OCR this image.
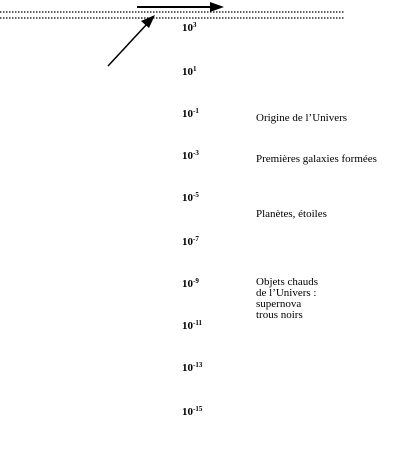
$10^3$
$10^1$
$10^{-1}$
$10^{-3}$
$10^{-5}$
$10^{-7}$
$10^{-9}$
$10^{-11}$
$10^{-13}$
$10^{-15}$
Origine de l’Univers
Premières galaxies formées
Planètes, étoiles
Objets chauds
de l’Univers :
supernova
trous noirs
